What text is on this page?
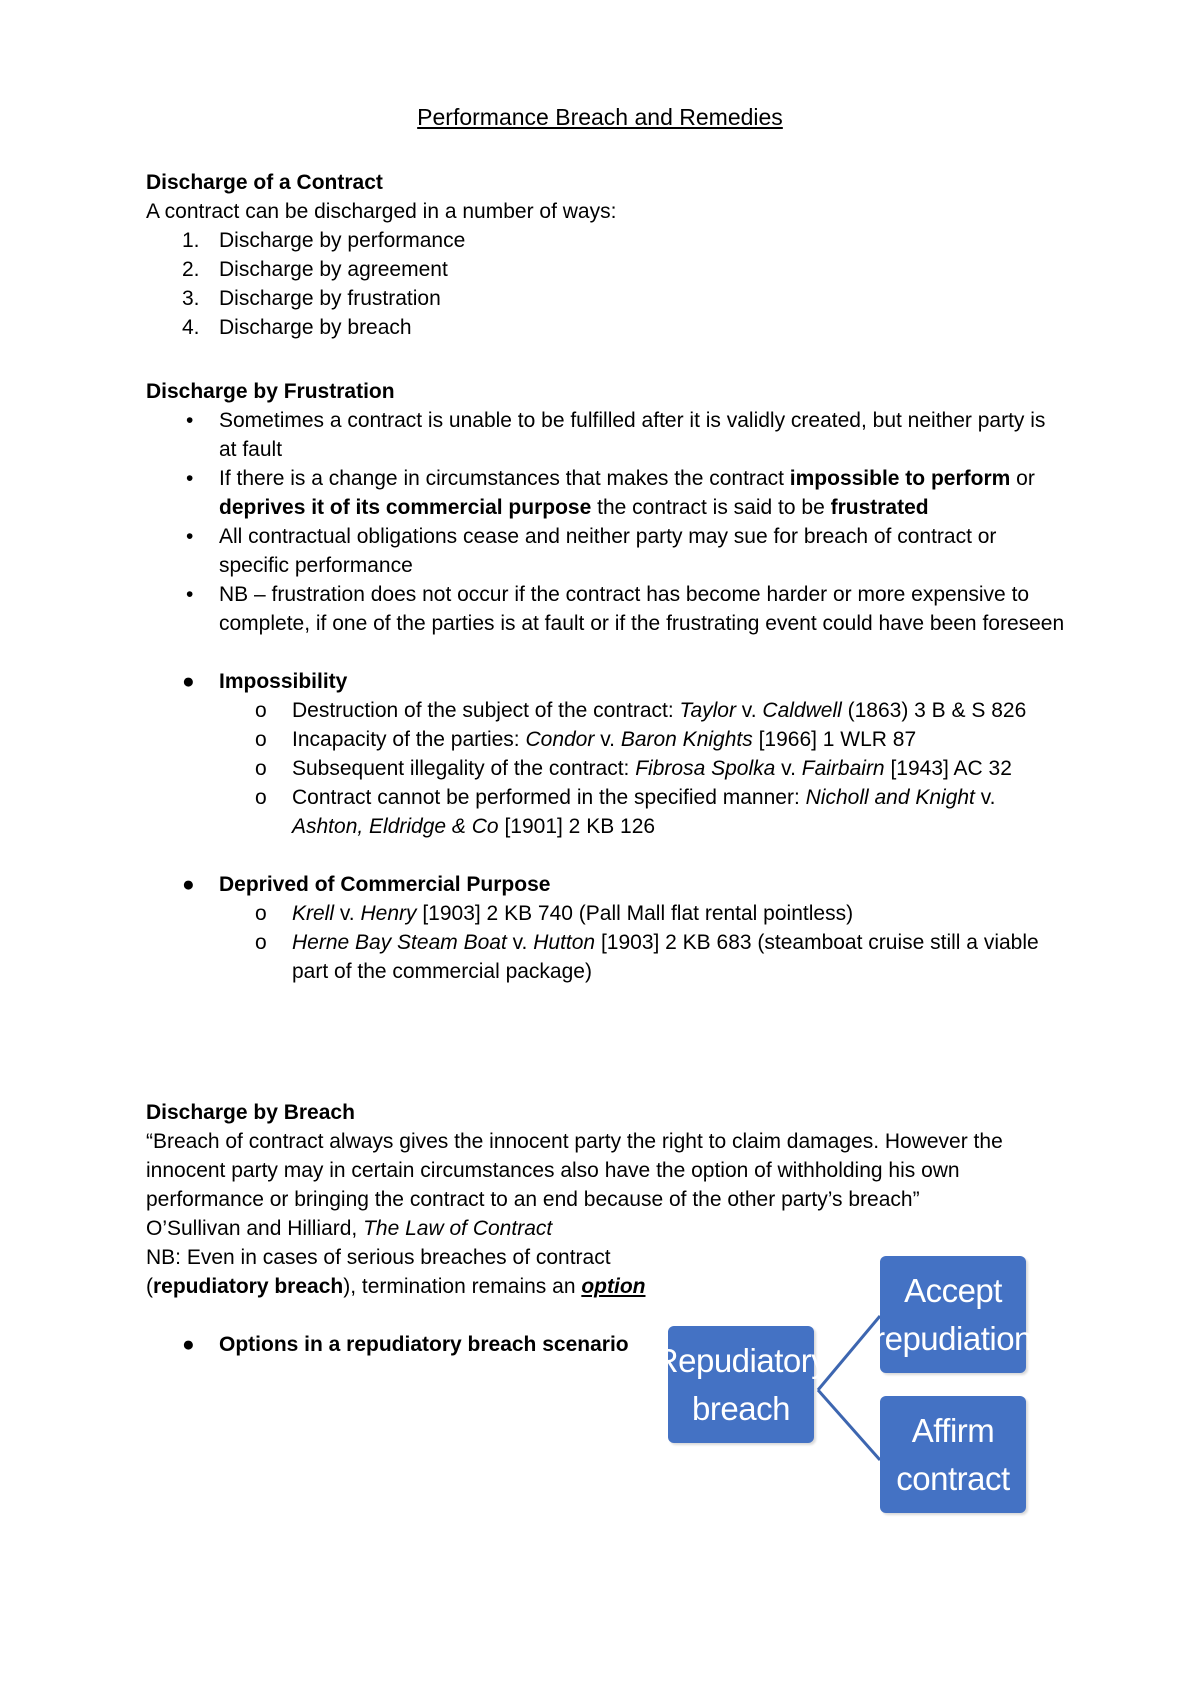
Performance Breach and Remedies
Discharge of a Contract
A contract can be discharged in a number of ways:
1. Discharge by performance
2. Discharge by agreement
3. Discharge by frustration
4. Discharge by breach
Discharge by Frustration
• Sometimes a contract is unable to be fulfilled after it is validly created, but neither party is at fault
• If there is a change in circumstances that makes the contract impossible to perform or deprives it of its commercial purpose the contract is said to be frustrated
• All contractual obligations cease and neither party may sue for breach of contract or specific performance
• NB – frustration does not occur if the contract has become harder or more expensive to complete, if one of the parties is at fault or if the frustrating event could have been foreseen
● Impossibility
o Destruction of the subject of the contract: Taylor v. Caldwell (1863) 3 B & S 826
o Incapacity of the parties: Condor v. Baron Knights [1966] 1 WLR 87
o Subsequent illegality of the contract: Fibrosa Spolka v. Fairbairn [1943] AC 32
o Contract cannot be performed in the specified manner: Nicholl and Knight v. Ashton, Eldridge & Co [1901] 2 KB 126
● Deprived of Commercial Purpose
o Krell v. Henry [1903] 2 KB 740 (Pall Mall flat rental pointless)
o Herne Bay Steam Boat v. Hutton [1903] 2 KB 683 (steamboat cruise still a viable part of the commercial package)
Discharge by Breach
“Breach of contract always gives the innocent party the right to claim damages. However the innocent party may in certain circumstances also have the option of withholding his own performance or bringing the contract to an end because of the other party’s breach”
O’Sullivan and Hilliard, The Law of Contract
NB: Even in cases of serious breaches of contract (repudiatory breach), termination remains an option
● Options in a repudiatory breach scenario Repudiatory breach
Accept repudiation
Affirm contract
